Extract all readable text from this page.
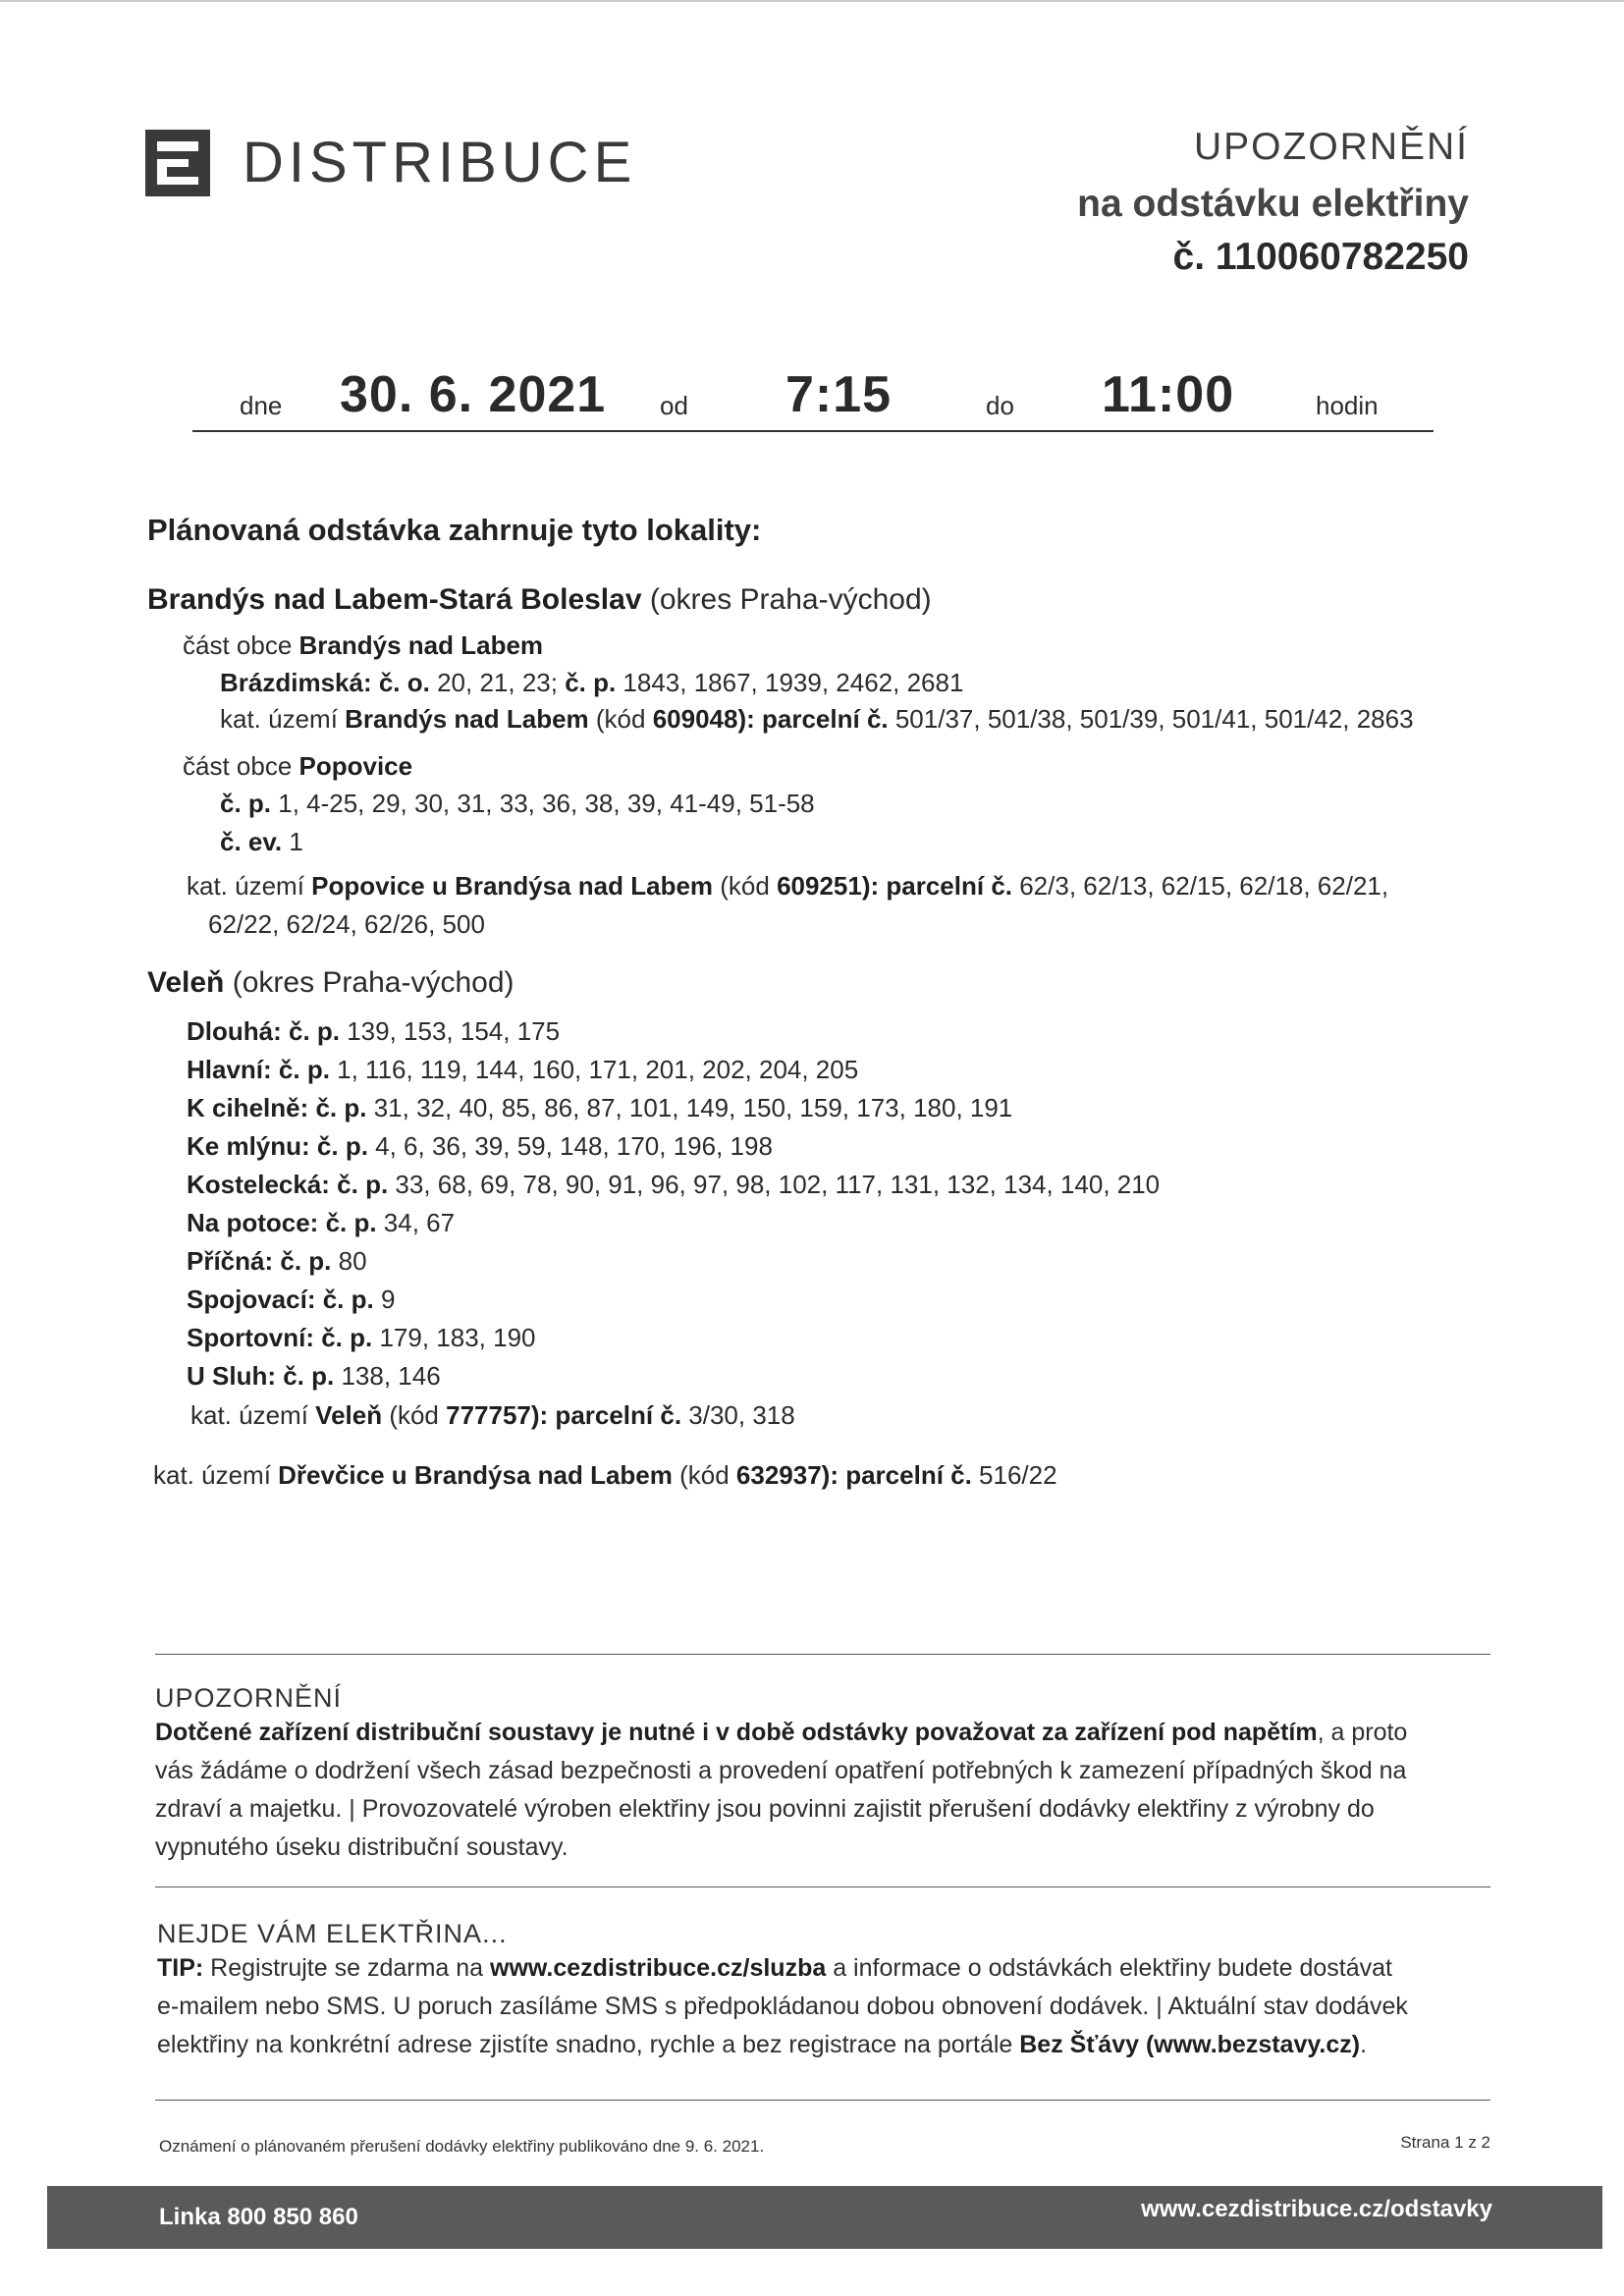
DISTRIBUCE	UPOZORNĚNÍ
na odstávku elektřiny
č. 110060782250
dne 30. 6. 2021 od 7:15	do 11:00	hodin
Plánovaná odstávka zahrnuje tyto lokality:
Brandýs nad Labem-Stará Boleslav (okres Praha-východ)
část obce Brandýs nad Labem
Brázdimská: č. o. 20, 21, 23; č. p. 1843, 1867, 1939, 2462, 2681
kat. území Brandýs nad Labem (kód 609048): parcelní č. 501/37, 501/38, 501/39, 501/41, 501/42, 2863
část obce Popovice
č. p. 1, 4-25, 29, 30, 31, 33, 36, 38, 39, 41-49, 51-58
č. ev. 1
kat. území Popovice u Brandýsa nad Labem (kód 609251): parcelní č. 62/3, 62/13, 62/15, 62/18, 62/21,
62/22, 62/24, 62/26, 500
Veleň (okres Praha-východ)
Dlouhá: č. p. 139, 153, 154, 175
Hlavní: č. p. 1, 116, 119, 144, 160, 171, 201, 202, 204, 205
K cihelně: č. p. 31, 32, 40, 85, 86, 87, 101, 149, 150, 159, 173, 180, 191
Ke mlýnu: č. p. 4, 6, 36, 39, 59, 148, 170, 196, 198
Kostelecká: č. p. 33, 68, 69, 78, 90, 91, 96, 97, 98, 102, 117, 131, 132, 134, 140, 210
Na potoce: č. p. 34, 67
Příčná: č. p. 80
Spojovací: č. p. 9
Sportovní: č. p. 179, 183, 190
U Sluh: č. p. 138, 146
kat. území Veleň (kód 777757): parcelní č. 3/30, 318
kat. území Dřevčice u Brandýsa nad Labem (kód 632937): parcelní č. 516/22
UPOZORNĚNÍ
Dotčené zařízení distribuční soustavy je nutné i v době odstávky považovat za zařízení pod napětím, a proto
vás žádáme o dodržení všech zásad bezpečnosti a provedení opatření potřebných k zamezení případných škod na
zdraví a majetku. | Provozovatelé výroben elektřiny jsou povinni zajistit přerušení dodávky elektřiny z výrobny do
vypnutého úseku distribuční soustavy.
NEJDE VÁM ELEKTŘINA...
TIP: Registrujte se zdarma na www.cezdistribuce.cz/sluzba a informace o odstávkách elektřiny budete dostávat
e-mailem nebo SMS. U poruch zasíláme SMS s předpokládanou dobou obnovení dodávek. | Aktuální stav dodávek
elektřiny na konkrétní adrese zjistíte snadno, rychle a bez registrace na portále Bez Šťávy (www.bezstavy.cz).
Oznámení o plánovaném přerušení dodávky elektřiny publikováno dne 9. 6. 2021.	Strana 1 z 2
Linka 800 850 860	www.cezdistribuce.cz/odstavky
